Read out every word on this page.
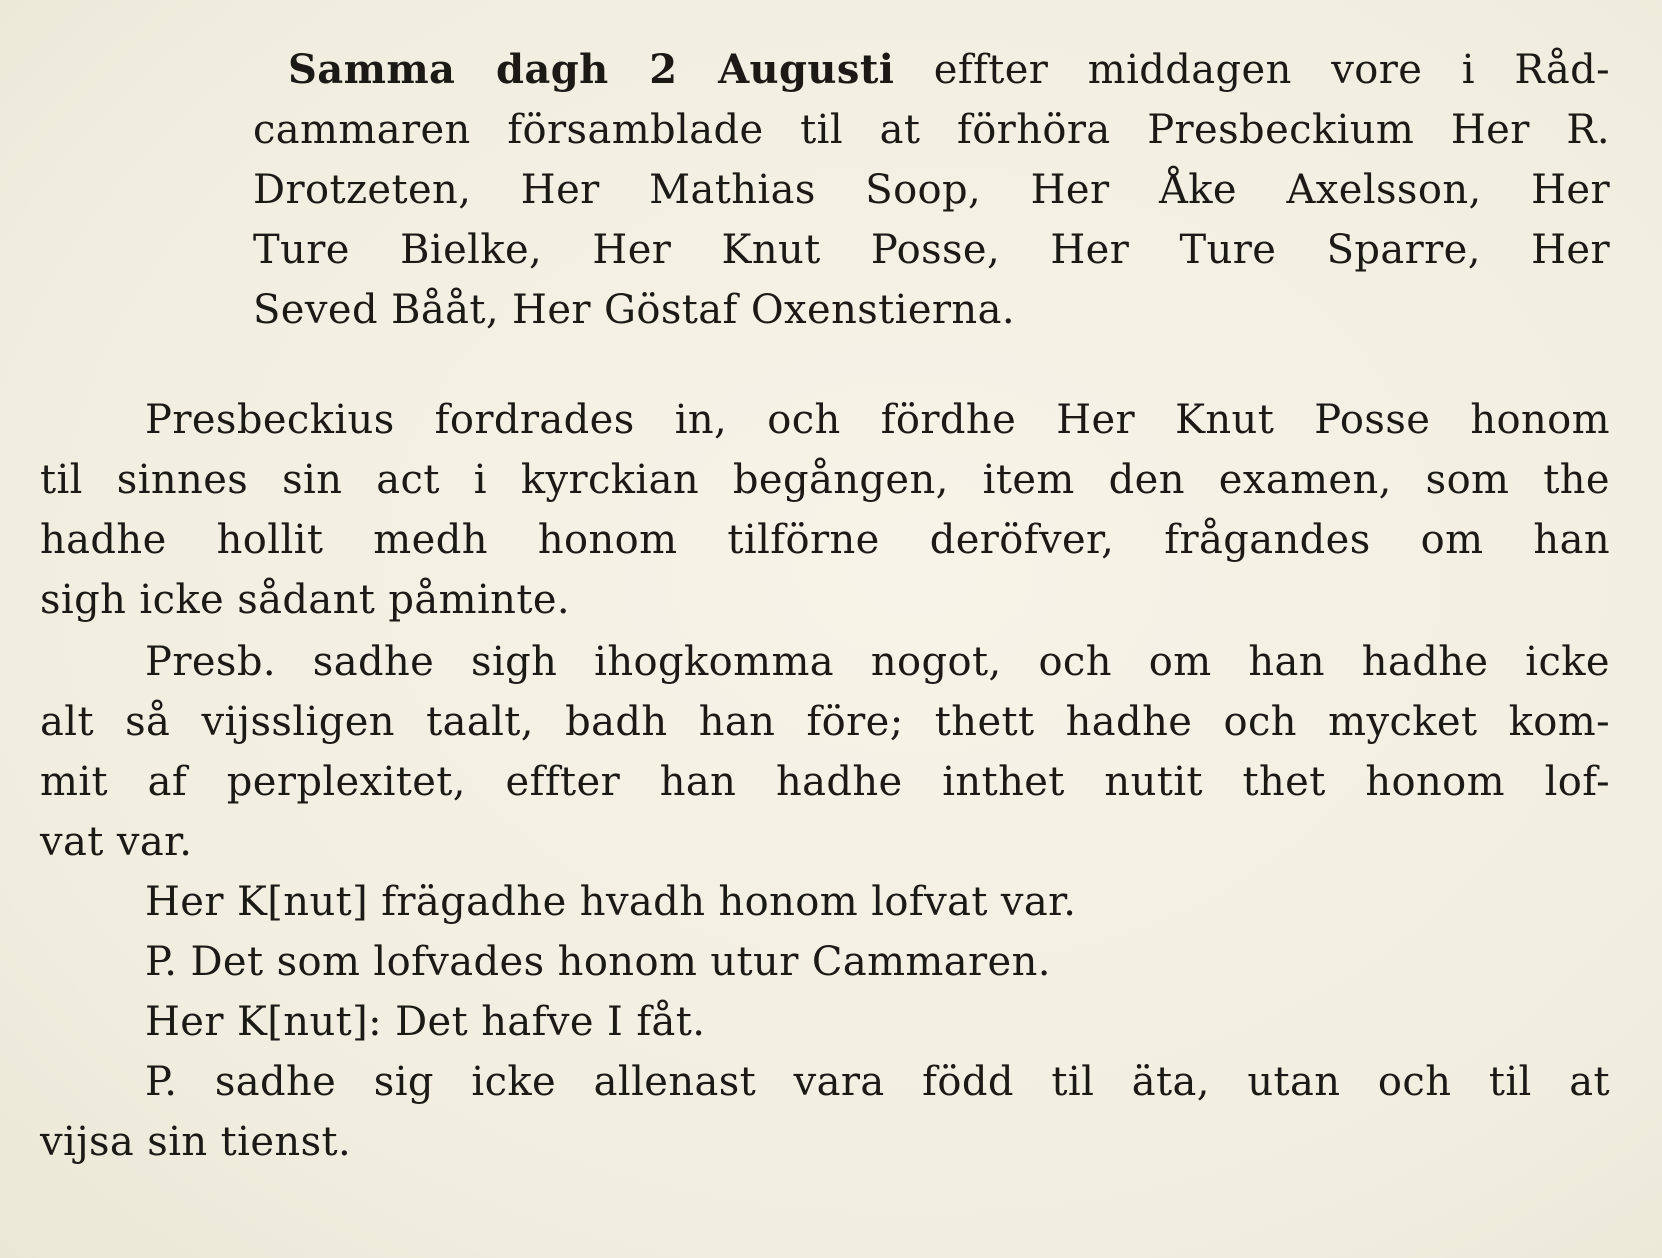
Samma dagh 2 Augusti effter middagen vore i Råd-
cammaren församblade til at förhöra Presbeckium Her R.
Drotzeten, Her Mathias Soop, Her Åke Axelsson, Her
Ture Bielke, Her Knut Posse, Her Ture Sparre, Her
Seved Bååt, Her Göstaf Oxenstierna.
Presbeckius fordrades in, och fördhe Her Knut Posse honom
til sinnes sin act i kyrckian begången, item den examen, som the
hadhe hollit medh honom tilförne deröfver, frågandes om han
sigh icke sådant påminte.
Presb. sadhe sigh ihogkomma nogot, och om han hadhe icke
alt så vijssligen taalt, badh han före; thett hadhe och mycket kom-
mit af perplexitet, effter han hadhe inthet nutit thet honom lof-
vat var.
Her K[nut] frägadhe hvadh honom lofvat var.
P. Det som lofvades honom utur Cammaren.
Her K[nut]: Det hafve I fåt.
P. sadhe sig icke allenast vara född til äta, utan och til at
vijsa sin tienst.
